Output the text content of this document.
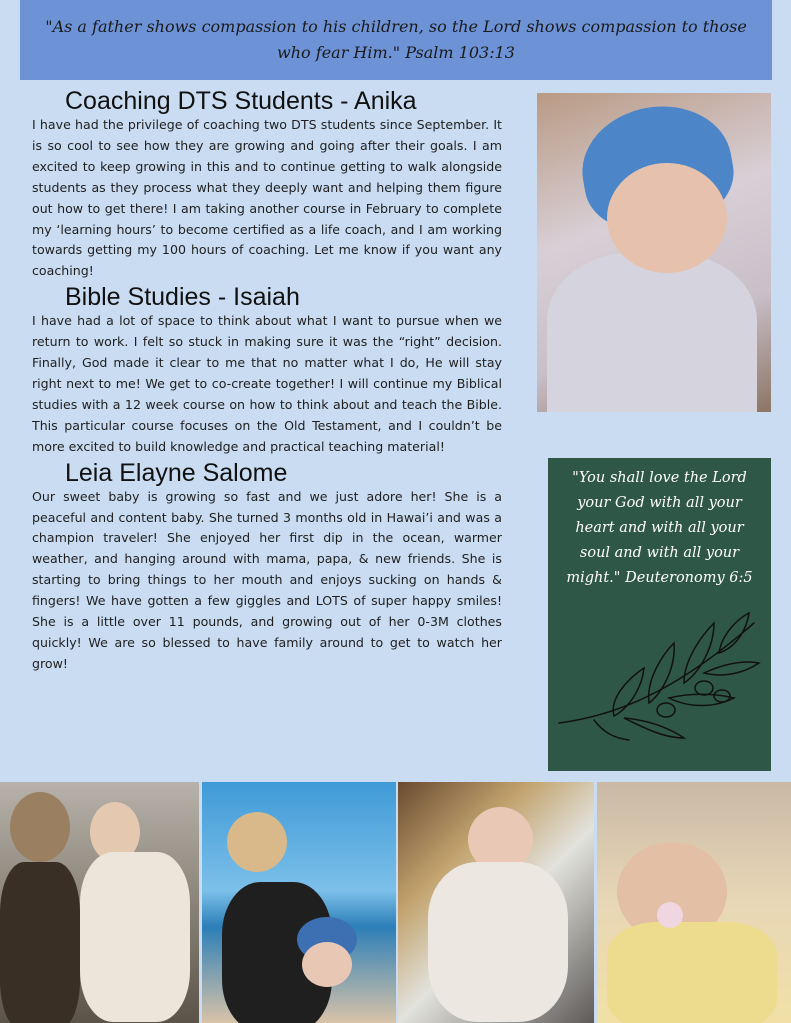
"As a father shows compassion to his children, so the Lord shows compassion to those who fear Him." Psalm 103:13

Coaching DTS Students - Anika

I have had the privilege of coaching two DTS students since September. It is so cool to see how they are growing and going after their goals. I am excited to keep growing in this and to continue getting to walk alongside students as they process what they deeply want and helping them figure out how to get there! I am taking another course in February to complete my ‘learning hours’ to become certified as a life coach, and I am working towards getting my 100 hours of coaching. Let me know if you want any coaching!

Bible Studies - Isaiah

I have had a lot of space to think about what I want to pursue when we return to work. I felt so stuck in making sure it was the “right” decision. Finally, God made it clear to me that no matter what I do, He will stay right next to me! We get to co-create together! I will continue my Biblical studies with a 12 week course on how to think about and teach the Bible. This particular course focuses on the Old Testament, and I couldn’t be more excited to build knowledge and practical teaching material!

Leia Elayne Salome

Our sweet baby is growing so fast and we just adore her! She is a peaceful and content baby. She turned 3 months old in Hawai’i and was a champion traveler! She enjoyed her first dip in the ocean, warmer weather, and hanging around with mama, papa, & new friends. She is starting to bring things to her mouth and enjoys sucking on hands & fingers! We have gotten a few giggles and LOTS of super happy smiles! She is a little over 11 pounds, and growing out of her 0-3M clothes quickly! We are so blessed to have family around to get to watch her grow!

"You shall love the Lord your God with all your heart and with all your soul and with all your might." Deuteronomy 6:5
